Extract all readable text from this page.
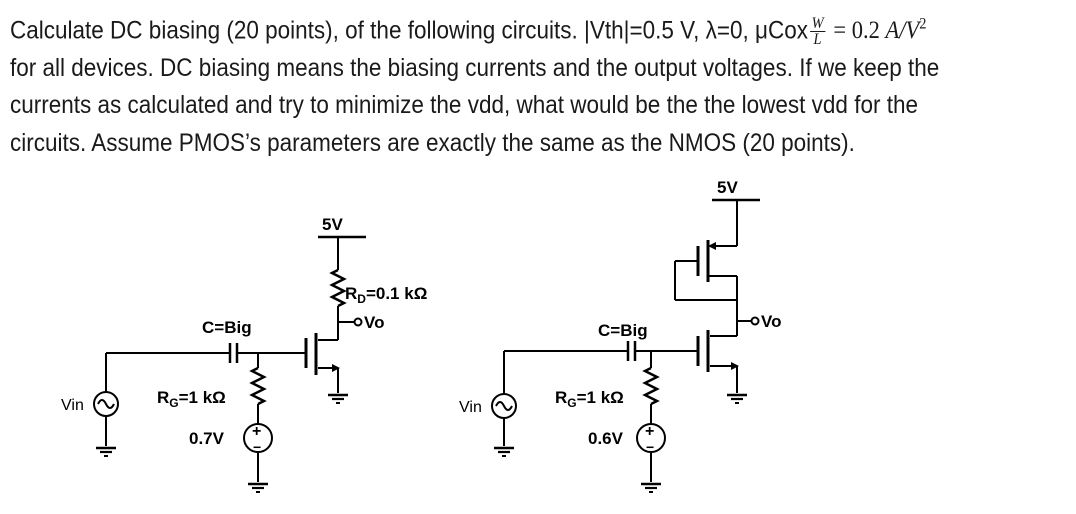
Calculate DC biasing (20 points), of the following circuits. |Vth|=0.5 V, λ=0, μCox $\frac{W}{L} = 0.2$ $A/V^2$
for all devices. DC biasing means the biasing currents and the output voltages. If we keep the
currents as calculated and try to minimize the vdd, what would be the the lowest vdd for the
circuits. Assume PMOS’s parameters are exactly the same as the NMOS (20 points).
5V
$R_D=0.1$ kΩ
Vo
C=Big
$R_G=1$ kΩ
0.7V +
−
Vin
5V
Vo
C=Big
$R_G=1$ kΩ
0.6V +
−
Vin
